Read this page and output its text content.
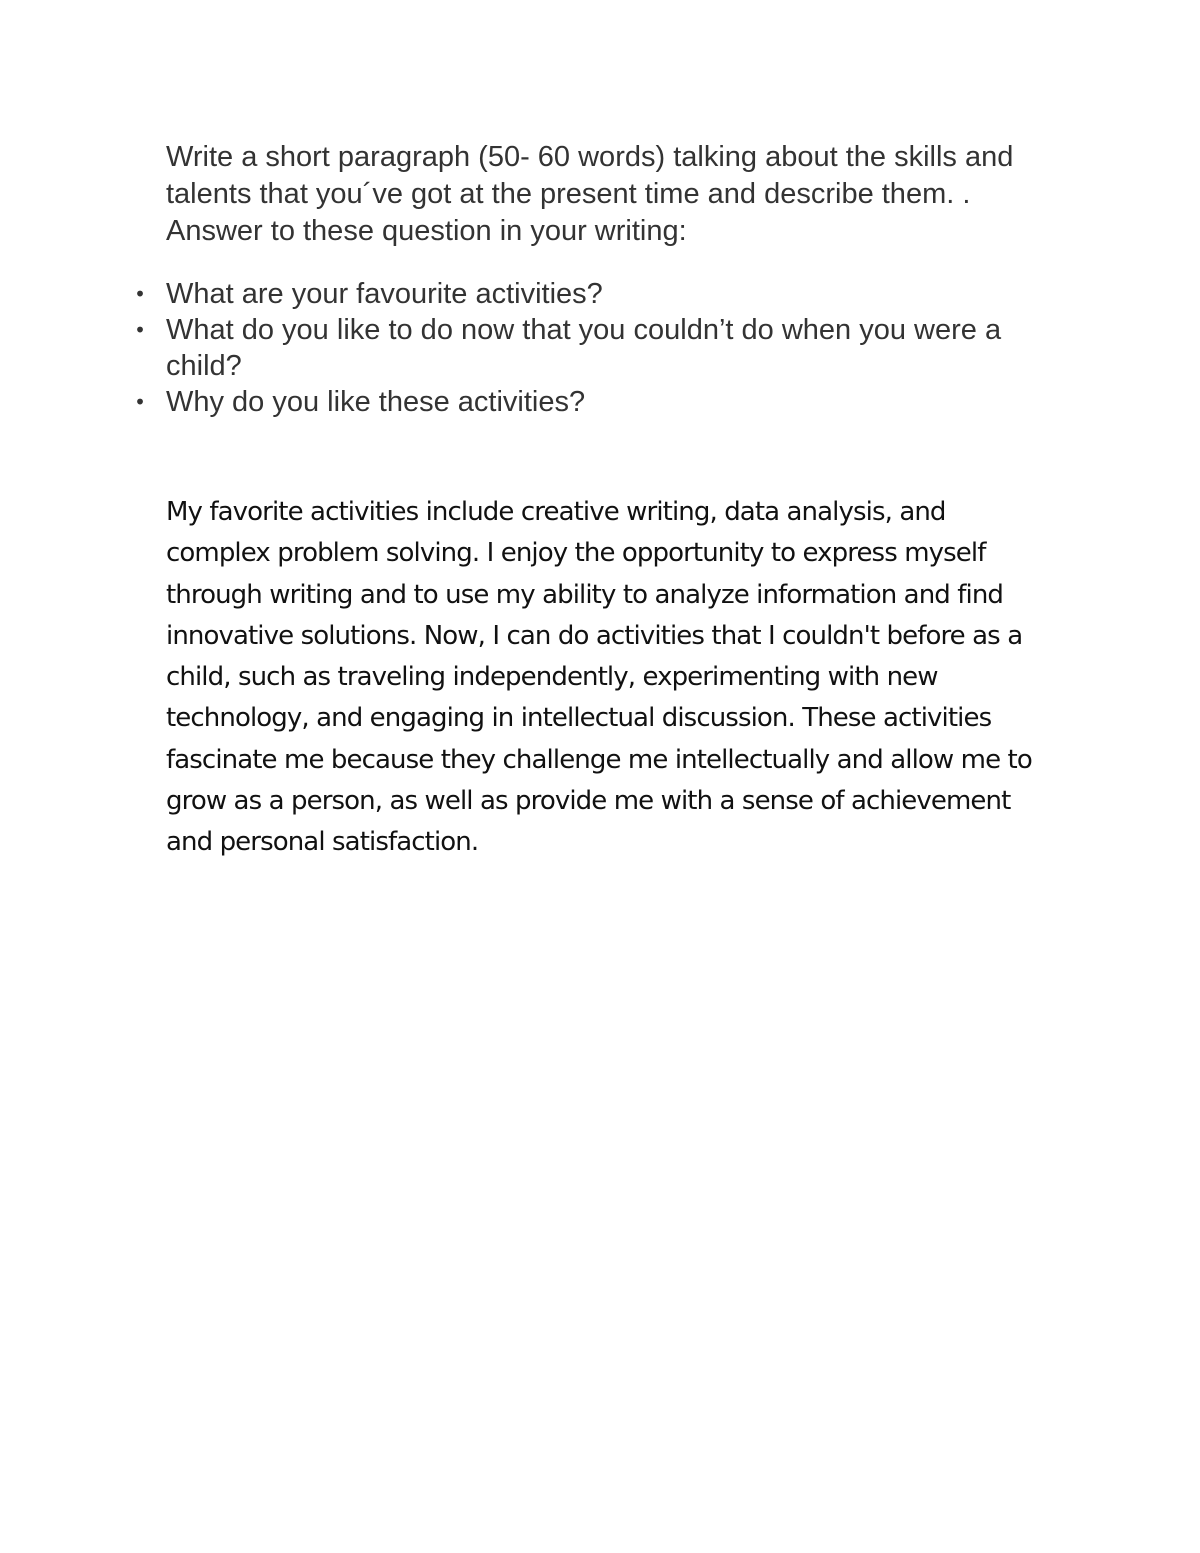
Write a short paragraph (50- 60 words) talking about the skills and talents that you´ve got at the present time and describe them. . Answer to these question in your writing:

• What are your favourite activities?
• What do you like to do now that you couldn’t do when you were a child?
• Why do you like these activities?

My favorite activities include creative writing, data analysis, and complex problem solving. I enjoy the opportunity to express myself through writing and to use my ability to analyze information and find innovative solutions. Now, I can do activities that I couldn't before as a child, such as traveling independently, experimenting with new technology, and engaging in intellectual discussion. These activities fascinate me because they challenge me intellectually and allow me to grow as a person, as well as provide me with a sense of achievement and personal satisfaction.
